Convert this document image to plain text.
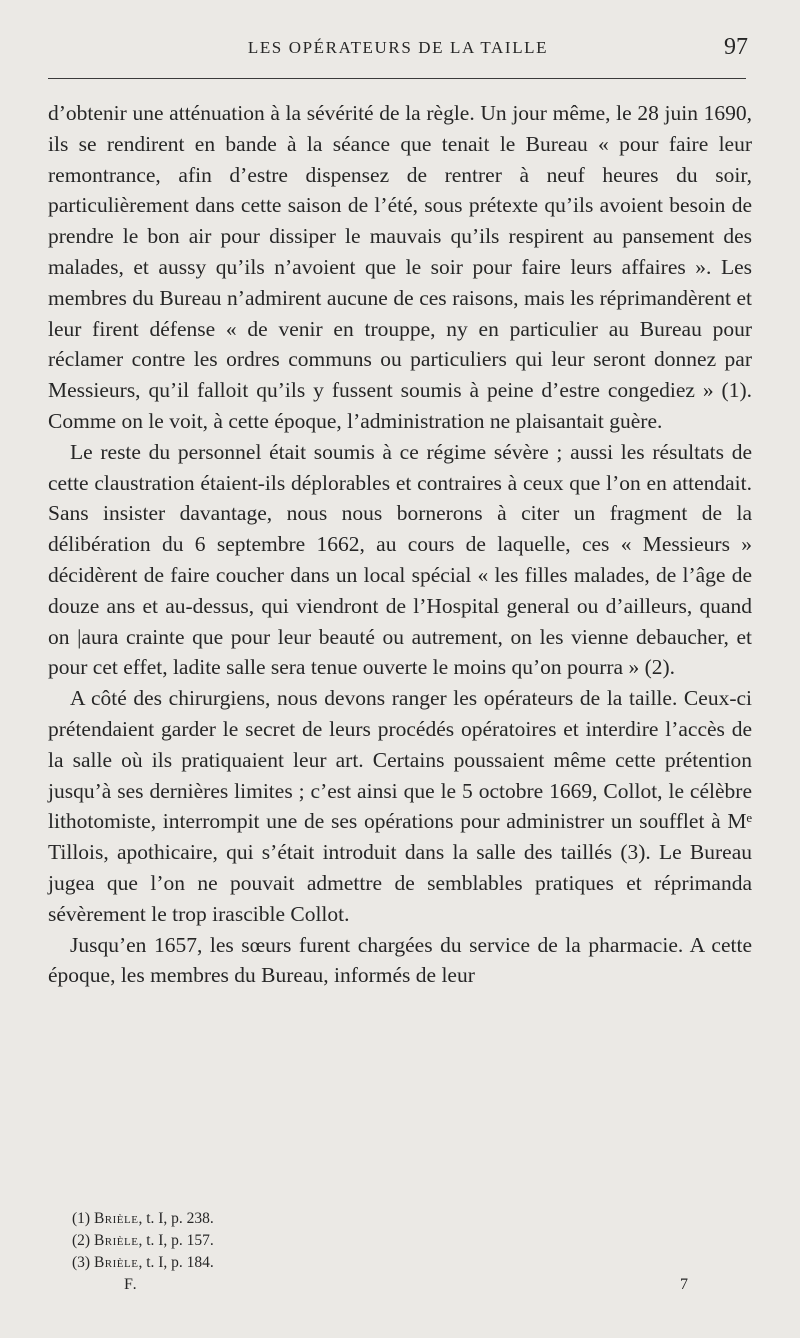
LES OPÉRATEURS DE LA TAILLE	97

d’obtenir une atténuation à la sévérité de la règle. Un jour même, le 28 juin 1690, ils se rendirent en bande à la séance que tenait le Bureau « pour faire leur remontrance, afin d’estre dispensez de rentrer à neuf heures du soir, particulièrement dans cette saison de l’été, sous prétexte qu’ils avoient besoin de prendre le bon air pour dissiper le mauvais qu’ils respirent au pansement des malades, et aussy qu’ils n’avoient que le soir pour faire leurs affaires ». Les membres du Bureau n’admirent aucune de ces raisons, mais les réprimandèrent et leur firent défense « de venir en trouppe, ny en particulier au Bureau pour réclamer contre les ordres communs ou particuliers qui leur seront donnez par Messieurs, qu’il falloit qu’ils y fussent soumis à peine d’estre congediez » (1). Comme on le voit, à cette époque, l’administration ne plaisantait guère.

Le reste du personnel était soumis à ce régime sévère ; aussi les résultats de cette claustration étaient-ils déplorables et contraires à ceux que l’on en attendait. Sans insister davantage, nous nous bornerons à citer un fragment de la délibération du 6 septembre 1662, au cours de laquelle, ces « Messieurs » décidèrent de faire coucher dans un local spécial « les filles malades, de l’âge de douze ans et au-dessus, qui viendront de l’Hospital general ou d’ailleurs, quand on |aura crainte que pour leur beauté ou autrement, on les vienne debaucher, et pour cet effet, ladite salle sera tenue ouverte le moins qu’on pourra » (2).

A côté des chirurgiens, nous devons ranger les opérateurs de la taille. Ceux-ci prétendaient garder le secret de leurs procédés opératoires et interdire l’accès de la salle où ils pratiquaient leur art. Certains poussaient même cette prétention jusqu’à ses dernières limites ; c’est ainsi que le 5 octobre 1669, Collot, le célèbre lithotomiste, interrompit une de ses opérations pour administrer un soufflet à Mᵉ Tillois, apothicaire, qui s’était introduit dans la salle des taillés (3). Le Bureau jugea que l’on ne pouvait admettre de semblables pratiques et réprimanda sévèrement le trop irascible Collot.

Jusqu’en 1657, les sœurs furent chargées du service de la pharmacie. A cette époque, les membres du Bureau, informés de leur

(1) Brièle, t. I, p. 238.
(2) Brièle, t. I, p. 157.
(3) Brièle, t. I, p. 184.
F.	7
